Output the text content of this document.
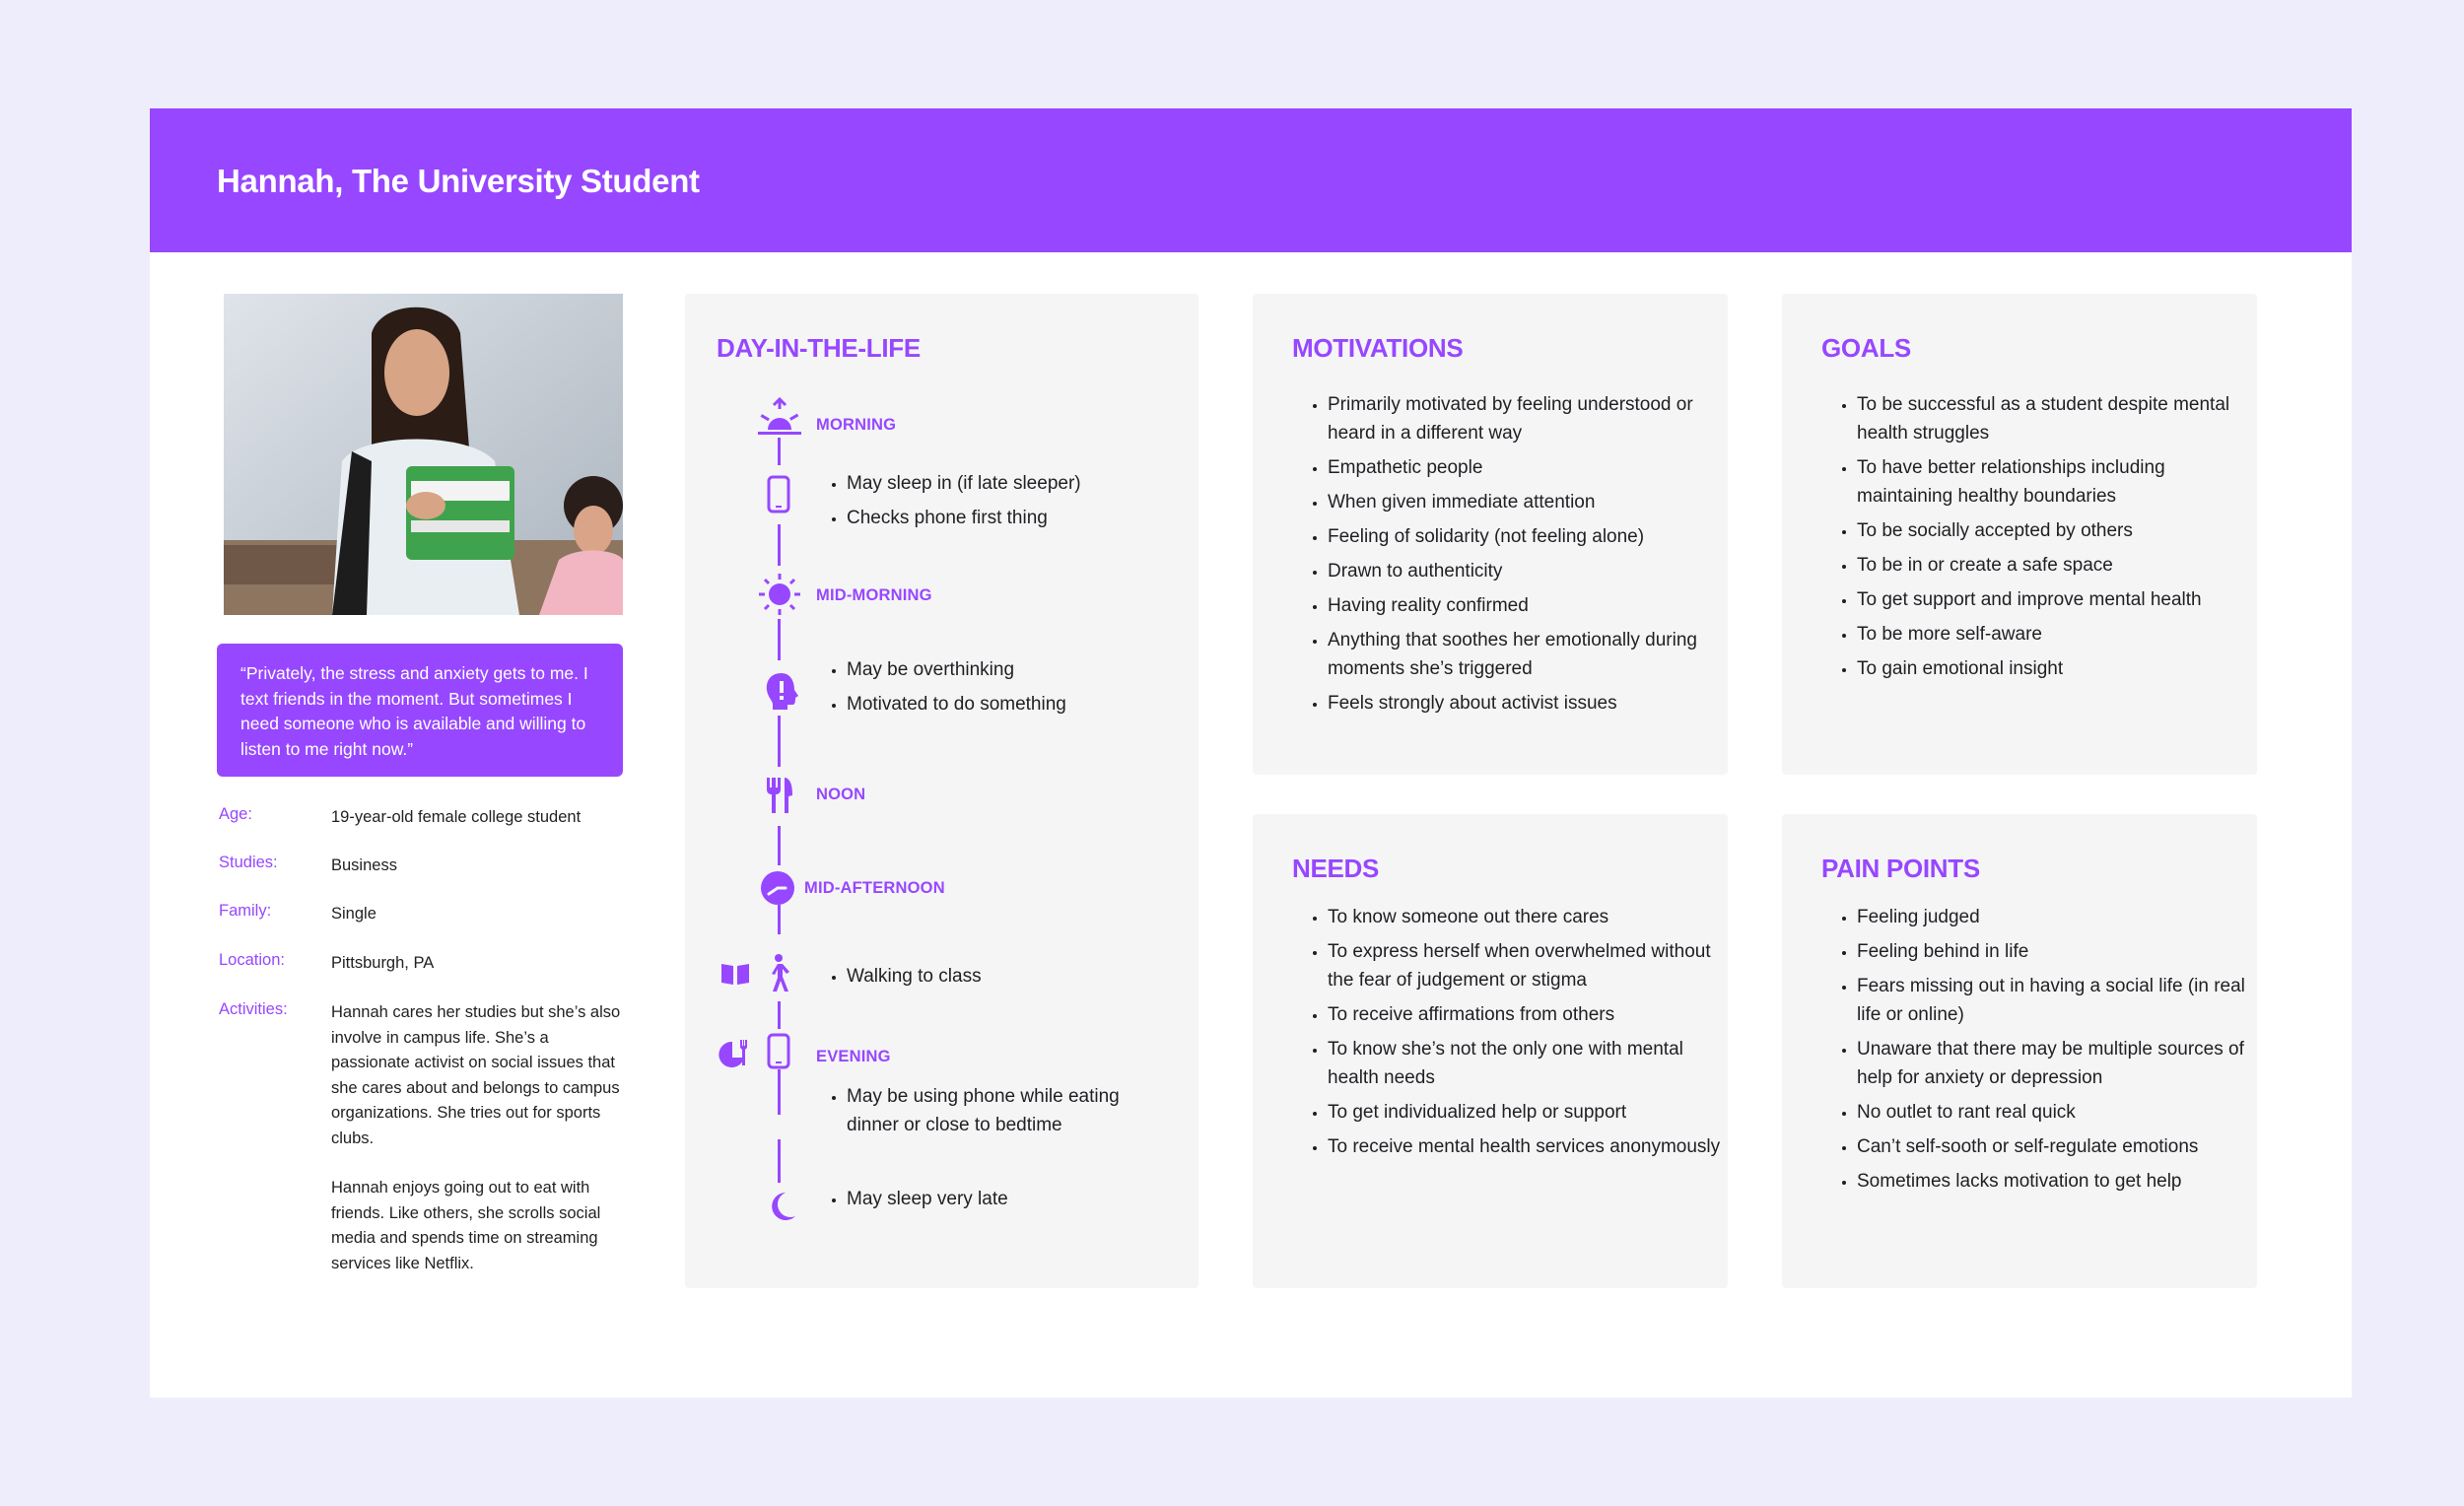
Hannah, The University Student
“Privately, the stress and anxiety gets to me. I text friends in the moment. But sometimes I need someone who is available and willing to listen to me right now.”
Age:	19-year-old female college student
Studies:	Business
Family:	Single
Location:	Pittsburgh, PA
Activities:	Hannah cares her studies but she’s also involve in campus life. She’s a passionate activist on social issues that she cares about and belongs to campus organizations. She tries out for sports clubs.

Hannah enjoys going out to eat with friends. Like others, she scrolls social media and spends time on streaming services like Netflix.

DAY-IN-THE-LIFE
MORNING
• May sleep in (if late sleeper)
• Checks phone first thing
MID-MORNING
• May be overthinking
• Motivated to do something
NOON
MID-AFTERNOON
• Walking to class
EVENING
• May be using phone while eating dinner or close to bedtime
• May sleep very late
MOTIVATIONS
• Primarily motivated by feeling understood or heard in a different way
• Empathetic people
• When given immediate attention
• Feeling of solidarity (not feeling alone)
• Drawn to authenticity
• Having reality confirmed
• Anything that soothes her emotionally during moments she’s triggered
• Feels strongly about activist issues
GOALS
• To be successful as a student despite mental health struggles
• To have better relationships including maintaining healthy boundaries
• To be socially accepted by others
• To be in or create a safe space
• To get support and improve mental health
• To be more self-aware
• To gain emotional insight
NEEDS
• To know someone out there cares
• To express herself when overwhelmed without the fear of judgement or stigma
• To receive affirmations from others
• To know she’s not the only one with mental health needs
• To get individualized help or support
• To receive mental health services anonymously
PAIN POINTS
• Feeling judged
• Feeling behind in life
• Fears missing out in having a social life (in real life or online)
• Unaware that there may be multiple sources of help for anxiety or depression
• No outlet to rant real quick
• Can’t self-sooth or self-regulate emotions
• Sometimes lacks motivation to get help
